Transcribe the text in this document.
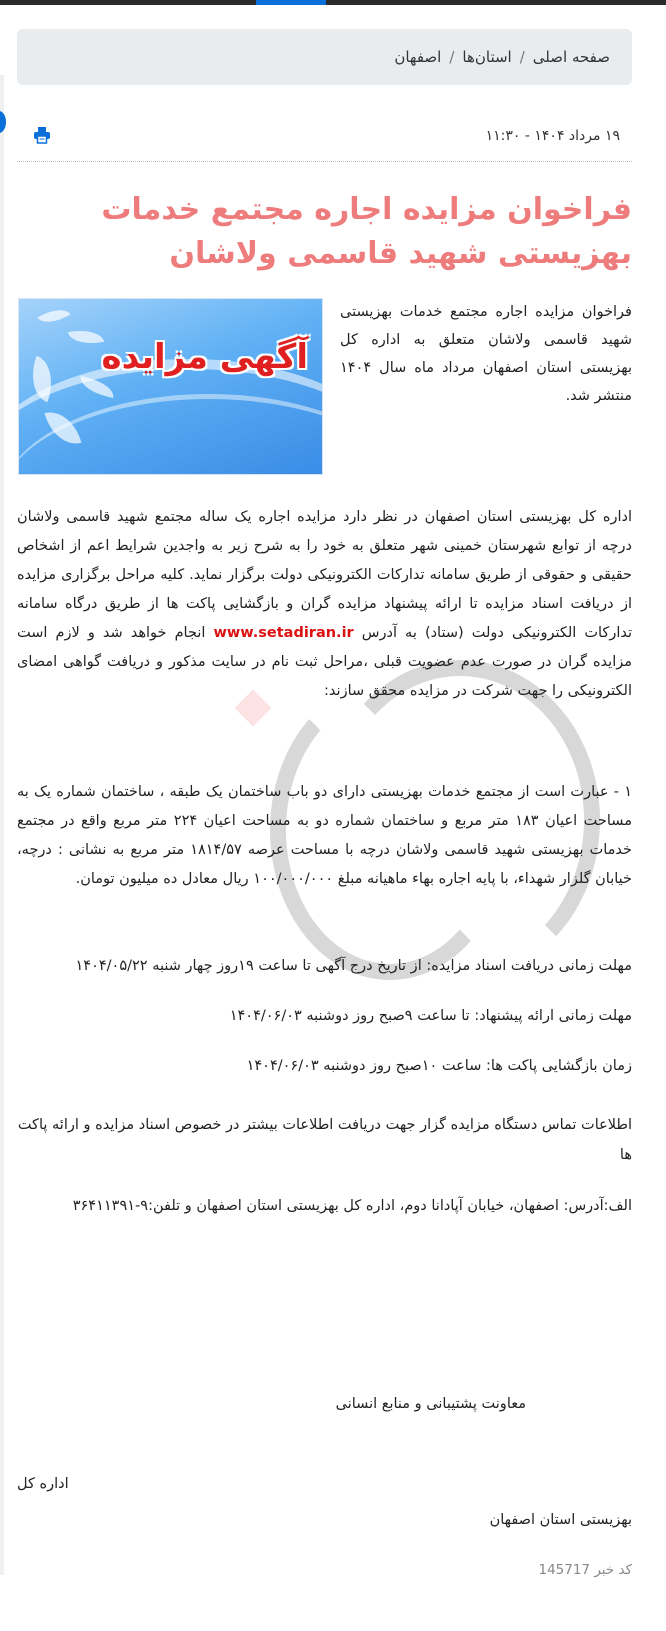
صفحه اصلی
/
استان‌ها
/
اصفهان
۱۹ مرداد ۱۴۰۴ - ۱۱:۳۰
فراخوان مزایده اجاره مجتمع خدمات بهزیستی شهید قاسمی ولاشان
آگهی مزایده

فراخوان مزایده اجاره مجتمع خدمات بهزیستی شهید قاسمی ولاشان متعلق به اداره کل بهزیستی استان اصفهان مرداد ماه سال ۱۴۰۴ منتشر شد.

اداره کل بهزیستی استان اصفهان در نظر دارد مزایده اجاره یک ساله مجتمع شهید قاسمی ولاشان درچه از توابع شهرستان خمینی شهر متعلق به خود را به شرح زیر به واجدین شرایط اعم از اشخاص حقیقی و حقوقی از طریق سامانه تدارکات الکترونیکی دولت برگزار نماید. کلیه مراحل برگزاری مزایده از دریافت اسناد مزایده تا ارائه پیشنهاد مزایده گران و بازگشایی پاکت ها از طریق درگاه سامانه تدارکات الکترونیکی دولت (ستاد) به آدرس www.setadiran.ir انجام خواهد شد و لازم است مزایده گران در صورت عدم عضویت قبلی ،مراحل ثبت نام در سایت مذکور و دریافت گواهی امضای الکترونیکی را جهت شرکت در مزایده محقق سازند:

۱ - عبارت است از مجتمع خدمات بهزیستی دارای دو باب ساختمان یک طبقه ، ساختمان شماره یک به مساحت اعیان ۱۸۳ متر مربع و ساختمان شماره دو به مساحت اعیان ۲۲۴ متر مربع واقع در مجتمع خدمات بهزیستی شهید قاسمی ولاشان درچه با مساحت عرصه ۱۸۱۴/۵۷ متر مربع به نشانی : درچه، خیابان گلزار شهداء، با پایه اجاره بهاء ماهیانه مبلغ ۱۰۰/۰۰۰/۰۰۰ ریال معادل ده میلیون تومان.

مهلت زمانی دریافت اسناد مزایده: از تاریخ درج آگهی تا ساعت ۱۹روز چهار شنبه ۱۴۰۴/۰۵/۲۲

مهلت زمانی ارائه پیشنهاد: تا ساعت ۹صبح روز دوشنبه ۱۴۰۴/۰۶/۰۳

زمان بازگشایی پاکت ها: ساعت ۱۰صبح روز دوشنبه ۱۴۰۴/۰۶/۰۳

اطلاعات تماس دستگاه مزایده گزار جهت دریافت اطلاعات بیشتر در خصوص اسناد مزایده و ارائه پاکت ها

الف:آدرس: اصفهان، خیابان آپادانا دوم، اداره کل بهزیستی استان اصفهان و تلفن:۹-۳۶۴۱۱۳۹۱

معاونت پشتیبانی و منابع انسانی

اداره کل

بهزیستی استان اصفهان

کد خبر 145717
